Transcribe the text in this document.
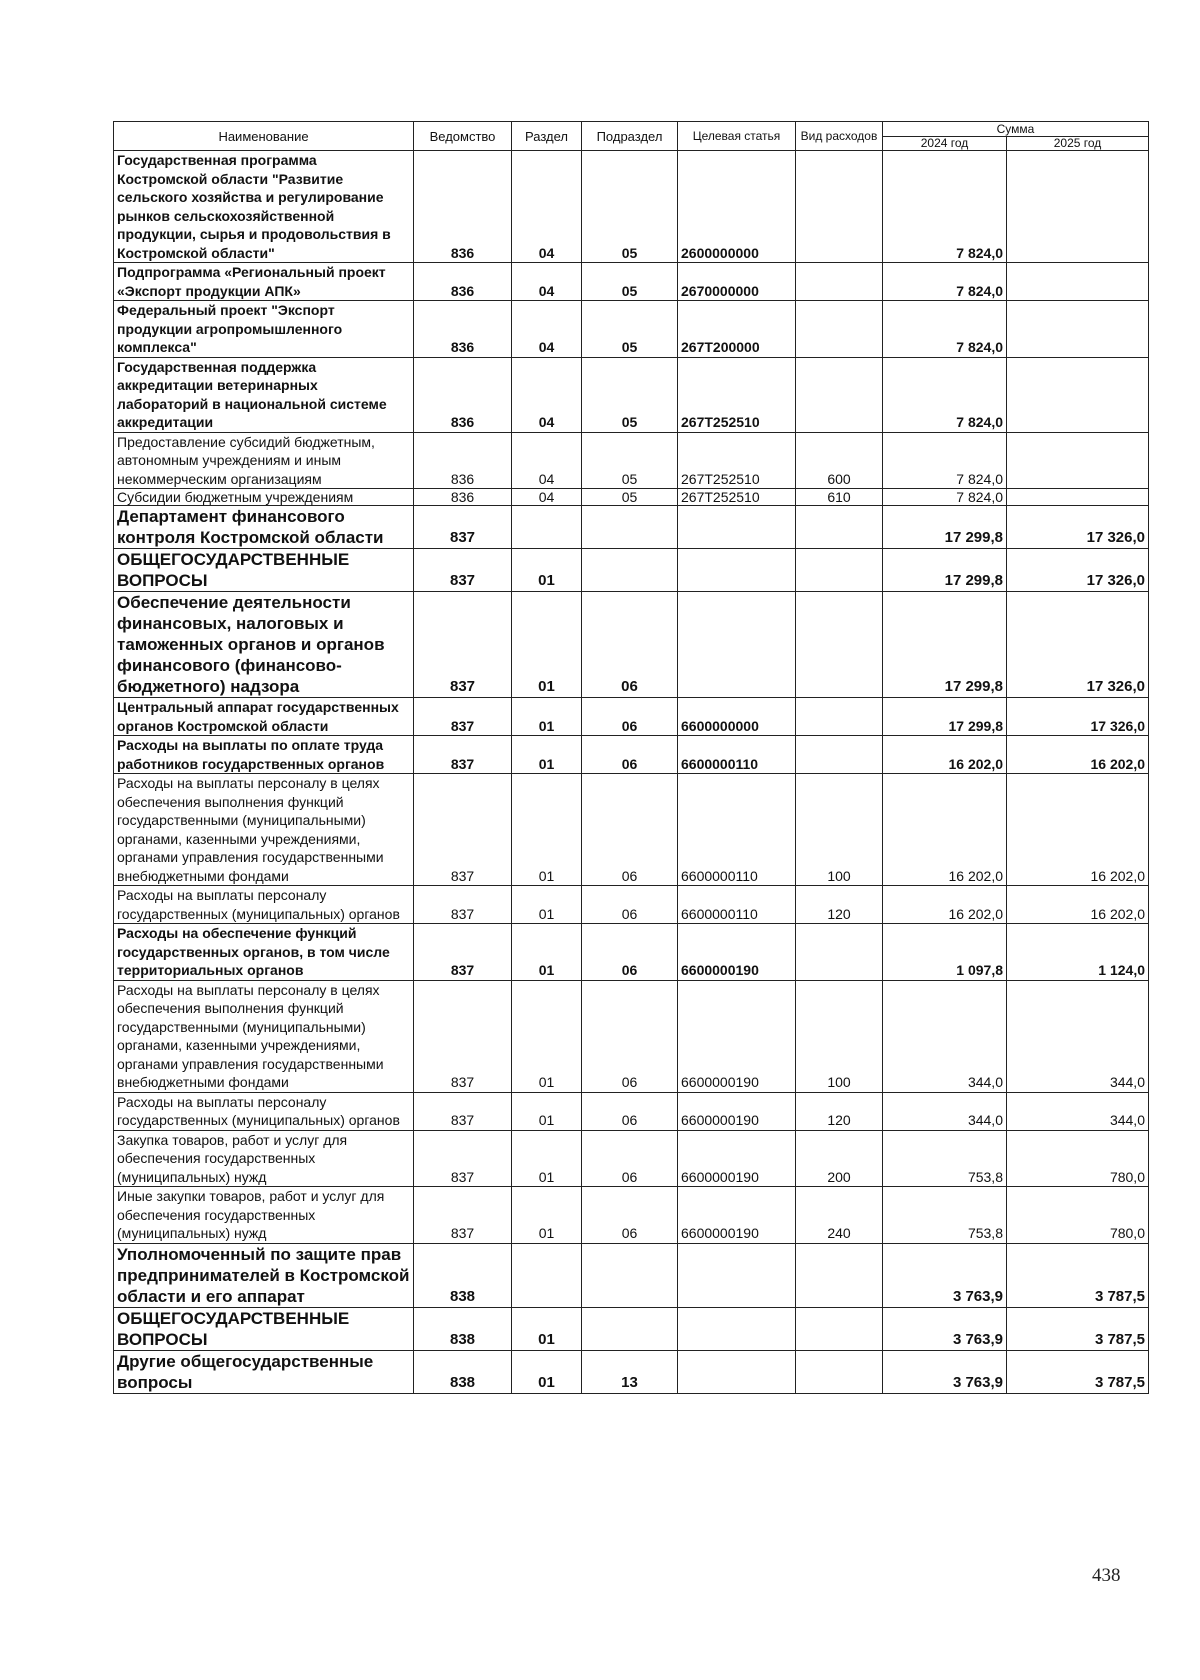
Наименование	Ведомство	Раздел	Подраздел	Целевая статья	Вид расходов	Сумма	
						2024 год	2025 год
Государственная программа Костромской области "Развитие сельского хозяйства и регулирование рынков сельскохозяйственной продукции, сырья и продовольствия в Костромской области"	836	04	05	2600000000		7 824,0	
Подпрограмма «Региональный проект «Экспорт продукции АПК»	836	04	05	2670000000		7 824,0	
Федеральный проект "Экспорт продукции агропромышленного комплекса"	836	04	05	267T200000		7 824,0	
Государственная поддержка аккредитации ветеринарных лабораторий в национальной системе аккредитации	836	04	05	267T252510		7 824,0	
Предоставление субсидий бюджетным, автономным учреждениям и иным некоммерческим организациям	836	04	05	267T252510	600	7 824,0	
Субсидии бюджетным учреждениям	836	04	05	267T252510	610	7 824,0	
Департамент финансового контроля Костромской области	837					17 299,8	17 326,0
ОБЩЕГОСУДАРСТВЕННЫЕ ВОПРОСЫ	837	01				17 299,8	17 326,0
Обеспечение деятельности финансовых, налоговых и таможенных органов и органов финансового (финансово-бюджетного) надзора	837	01	06			17 299,8	17 326,0
Центральный аппарат государственных органов Костромской области	837	01	06	6600000000		17 299,8	17 326,0
Расходы на выплаты по оплате труда работников государственных органов	837	01	06	6600000110		16 202,0	16 202,0
Расходы на выплаты персоналу в целях обеспечения выполнения функций государственными (муниципальными) органами, казенными учреждениями, органами управления государственными внебюджетными фондами	837	01	06	6600000110	100	16 202,0	16 202,0
Расходы на выплаты персоналу государственных (муниципальных) органов	837	01	06	6600000110	120	16 202,0	16 202,0
Расходы на обеспечение функций государственных органов, в том числе территориальных органов	837	01	06	6600000190		1 097,8	1 124,0
Расходы на выплаты персоналу в целях обеспечения выполнения функций государственными (муниципальными) органами, казенными учреждениями, органами управления государственными внебюджетными фондами	837	01	06	6600000190	100	344,0	344,0
Расходы на выплаты персоналу государственных (муниципальных) органов	837	01	06	6600000190	120	344,0	344,0
Закупка товаров, работ и услуг для обеспечения государственных (муниципальных) нужд	837	01	06	6600000190	200	753,8	780,0
Иные закупки товаров, работ и услуг для обеспечения государственных (муниципальных) нужд	837	01	06	6600000190	240	753,8	780,0
Уполномоченный по защите прав предпринимателей в Костромской области и его аппарат	838					3 763,9	3 787,5
ОБЩЕГОСУДАРСТВЕННЫЕ ВОПРОСЫ	838	01				3 763,9	3 787,5
Другие общегосударственные вопросы	838	01	13			3 763,9	3 787,5
438
